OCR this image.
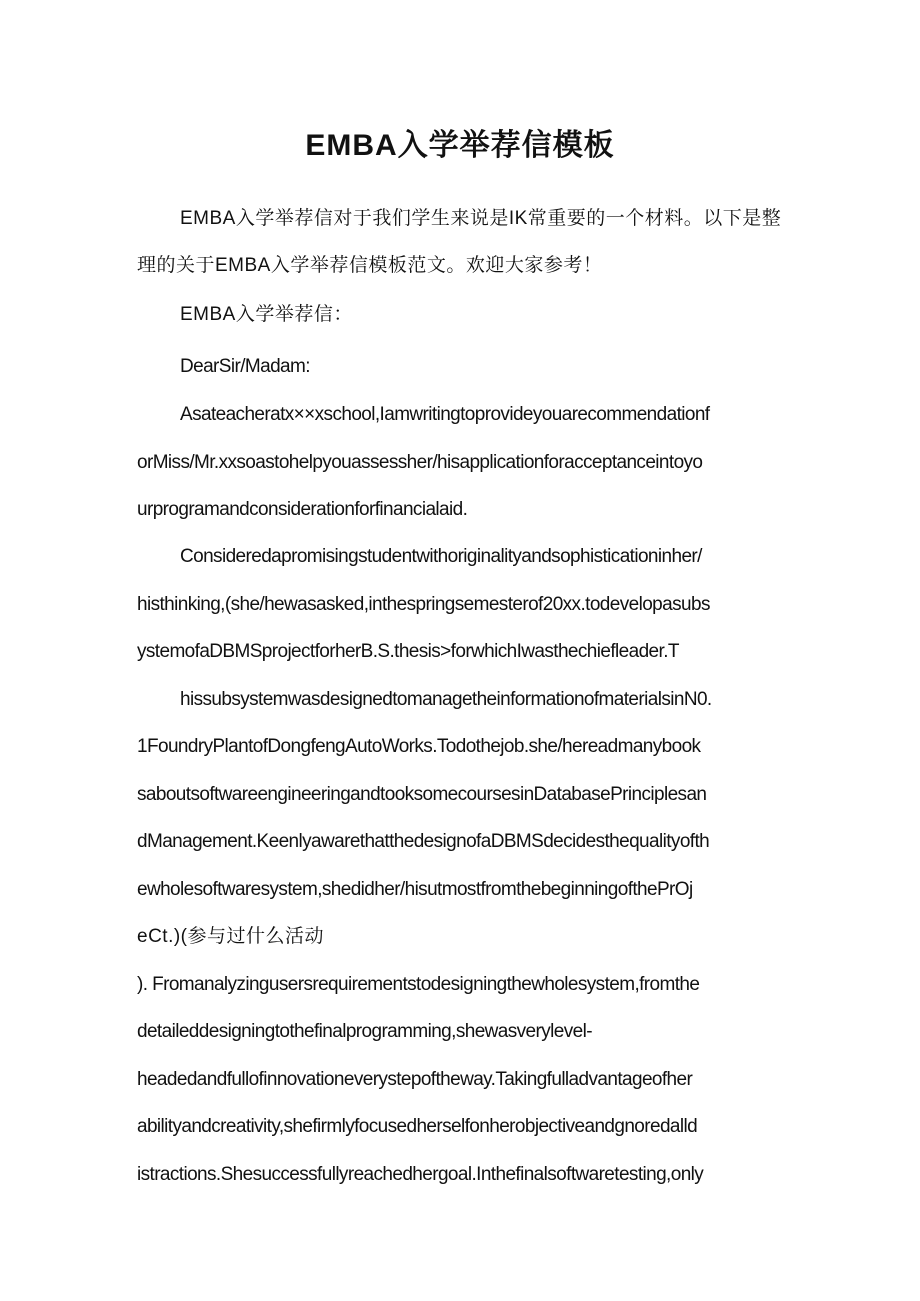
EMBA入学举荐信模板
EMBA入学举荐信对于我们学生来说是IK常重要的一个材料。以下是整
理的关于EMBA入学举荐信模板范文。欢迎大家参考！
EMBA入学举荐信：
DearSir/Madam:
Asateacheratx××xschool,Iamwritingtoprovideyouarecommendationf
orMiss/Mr.xxsoastohelpyouassessher/hisapplicationforacceptanceintoyo
urprogramandconsiderationforfinancialaid.
Consideredapromisingstudentwithoriginalityandsophisticationinher/
histhinking,(she/hewasasked,inthespringsemesterof20xx.todevelopasubs
ystemofaDBMSprojectforherB.S.thesis>forwhichIwasthechiefleader.T
hissubsystemwasdesignedtomanagetheinformationofmaterialsinN0.
1FoundryPlantofDongfengAutoWorks.Todothejob.she/hereadmanybook
saboutsoftwareengineeringandtooksomecoursesinDatabasePrinciplesan
dManagement.KeenlyawarethatthedesignofaDBMSdecidesthequalityofth
ewholesoftwaresystem,shedidher/hisutmostfromthebeginningofthePrOj
eCt.)(参与过什么活动
). Fromanalyzingusersrequirementstodesigningthewholesystem,fromthe
detaileddesigningtothefinalprogramming,shewasverylevel-
headedandfullofinnovationeverystepoftheway.Takingfulladvantageofher
abilityandcreativity,shefirmlyfocusedherselfonherobjectiveandgnoredalld
istractions.Shesuccessfullyreachedhergoal.Inthefinalsoftwaretesting,only
